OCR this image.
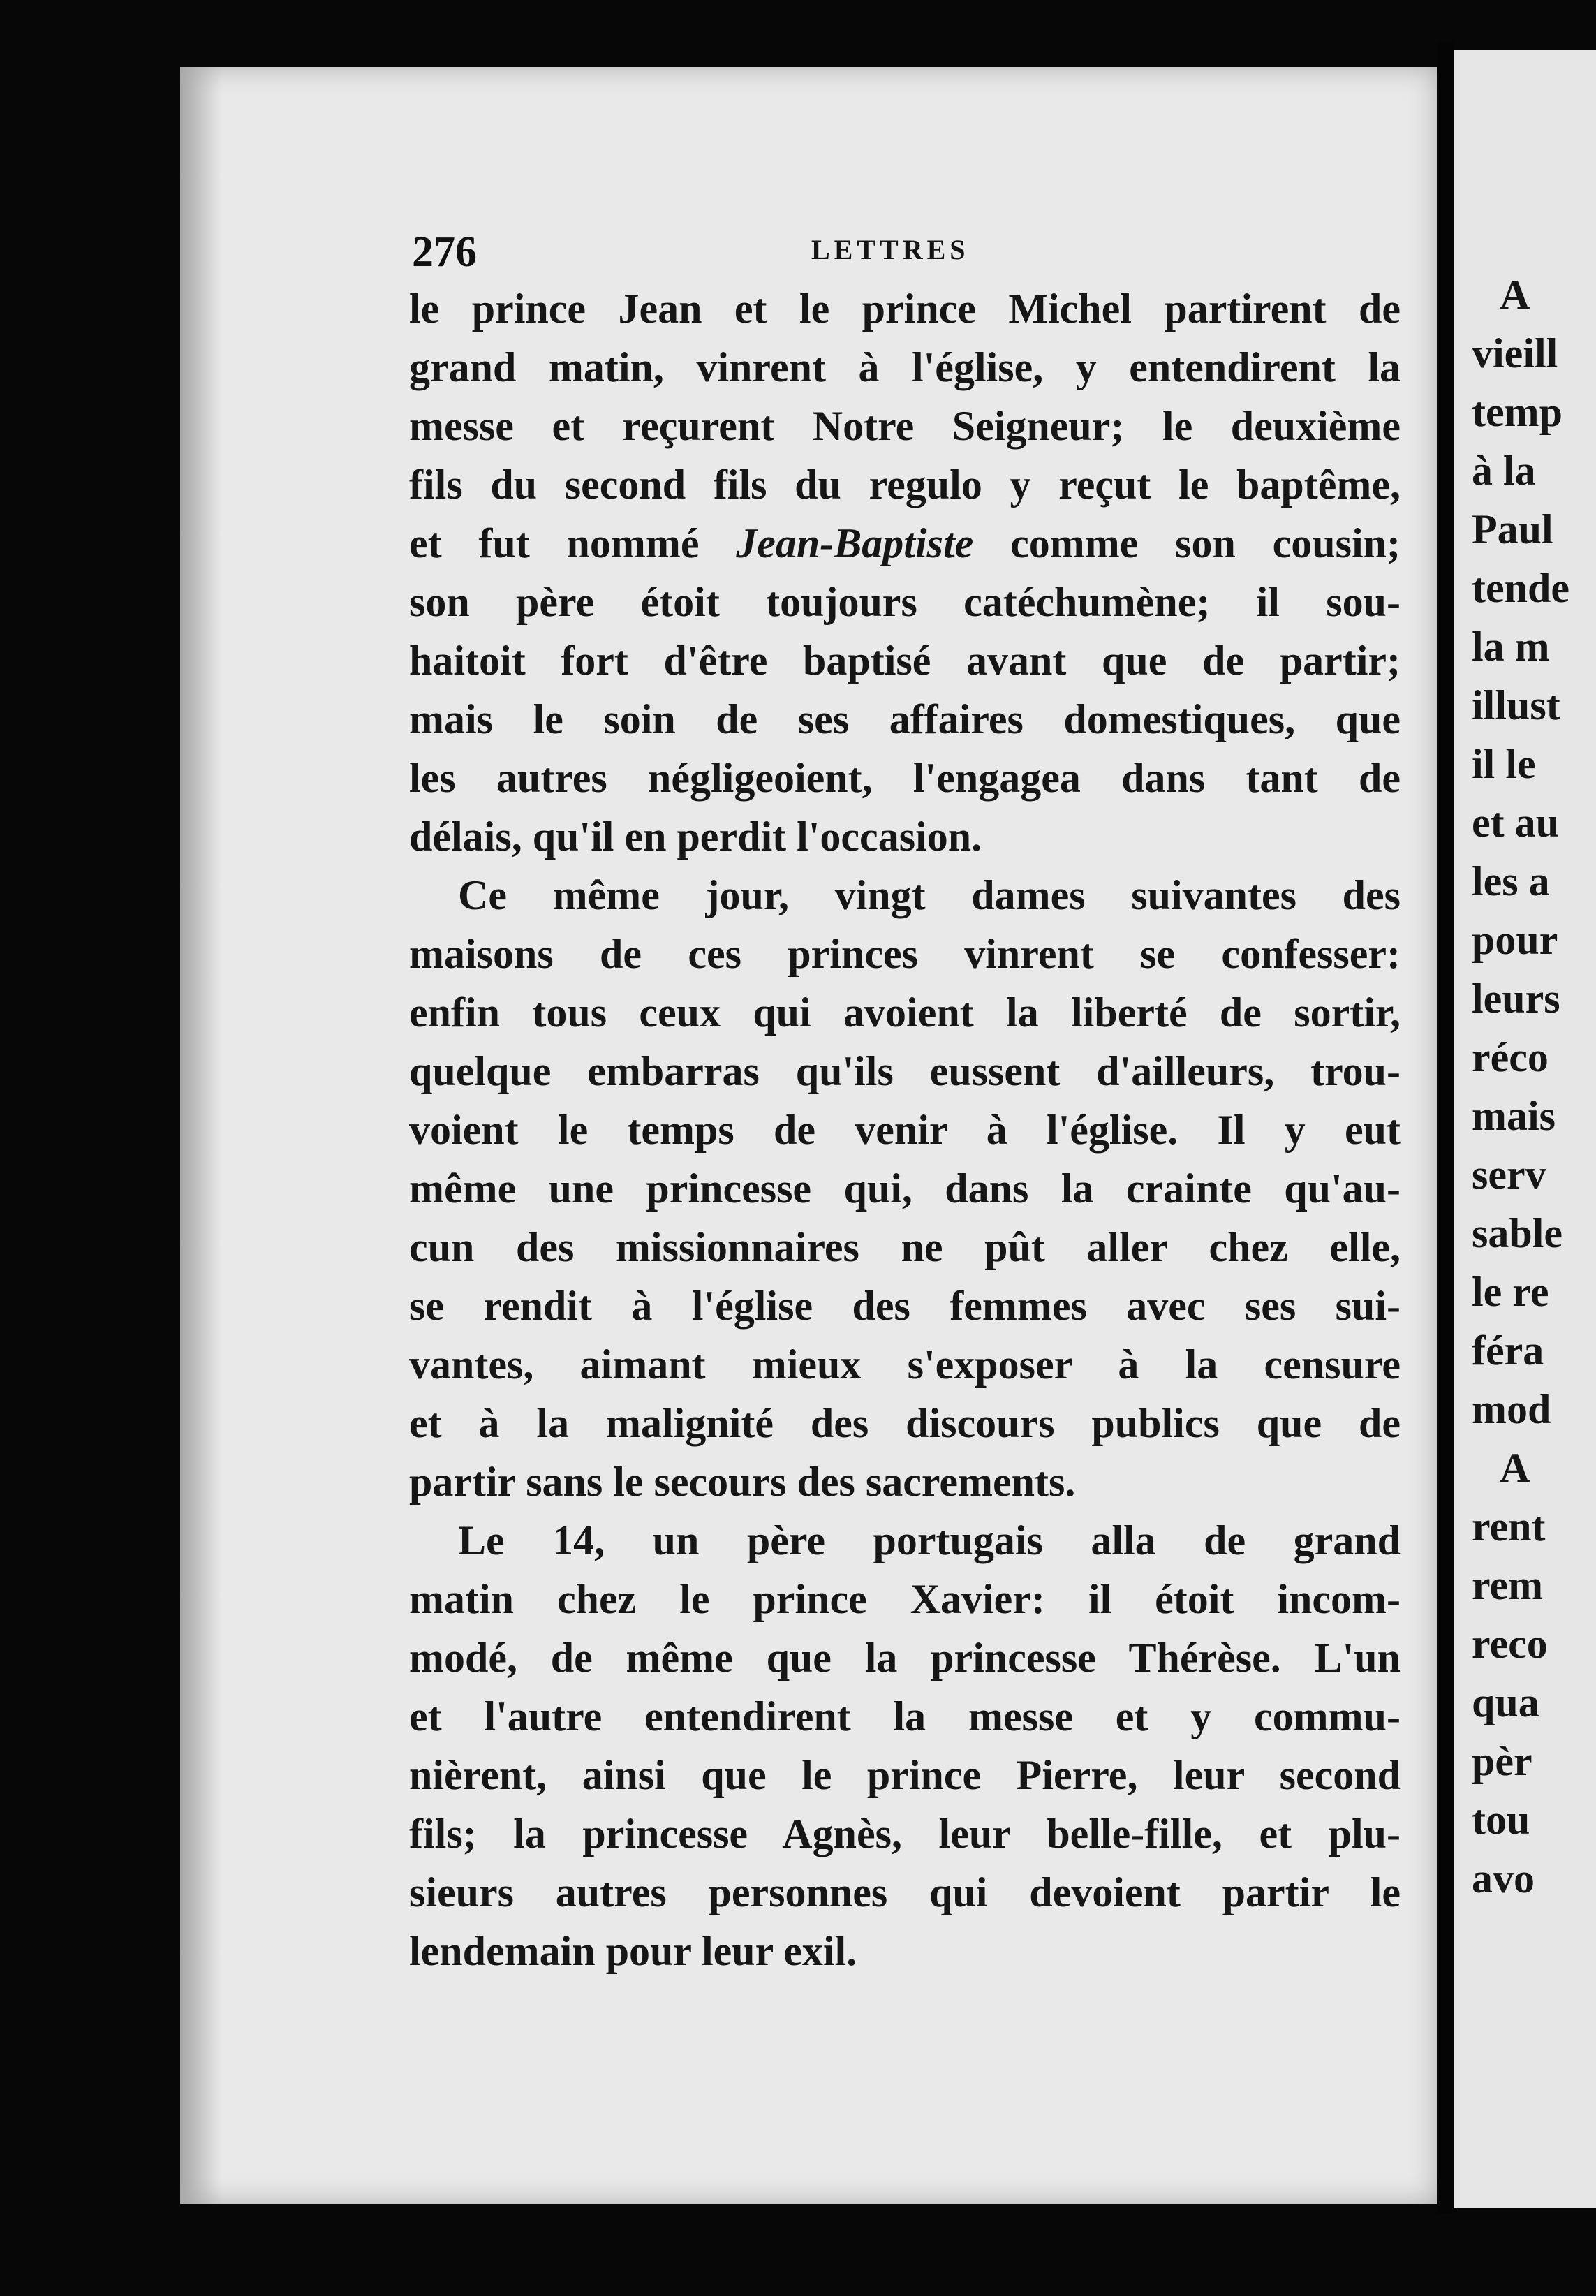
276	LETTRES
le prince Jean et le prince Michel partirent de
grand matin, vinrent à l'église, y entendirent la
messe et reçurent Notre Seigneur; le deuxième
fils du second fils du regulo y reçut le baptême,
et fut nommé Jean-Baptiste comme son cousin;
son père étoit toujours catéchumène; il sou-
haitoit fort d'être baptisé avant que de partir;
mais le soin de ses affaires domestiques, que
les autres négligeoient, l'engagea dans tant de
délais, qu'il en perdit l'occasion.
Ce même jour, vingt dames suivantes des
maisons de ces princes vinrent se confesser:
enfin tous ceux qui avoient la liberté de sortir,
quelque embarras qu'ils eussent d'ailleurs, trou-
voient le temps de venir à l'église. Il y eut
même une princesse qui, dans la crainte qu'au-
cun des missionnaires ne pût aller chez elle,
se rendit à l'église des femmes avec ses sui-
vantes, aimant mieux s'exposer à la censure
et à la malignité des discours publics que de
partir sans le secours des sacrements.
Le 14, un père portugais alla de grand
matin chez le prince Xavier: il étoit incom-
modé, de même que la princesse Thérèse. L'un
et l'autre entendirent la messe et y commu-
nièrent, ainsi que le prince Pierre, leur second
fils; la princesse Agnès, leur belle-fille, et plu-
sieurs autres personnes qui devoient partir le
lendemain pour leur exil.
A
vieill
temp
à la
Paul
tende
la m
illust
il le
et au
les a
pour
leurs
réco
mais
serv
sable
le re
féra
mod
A
rent
rem
reco
qua
pèr
tou
avo
